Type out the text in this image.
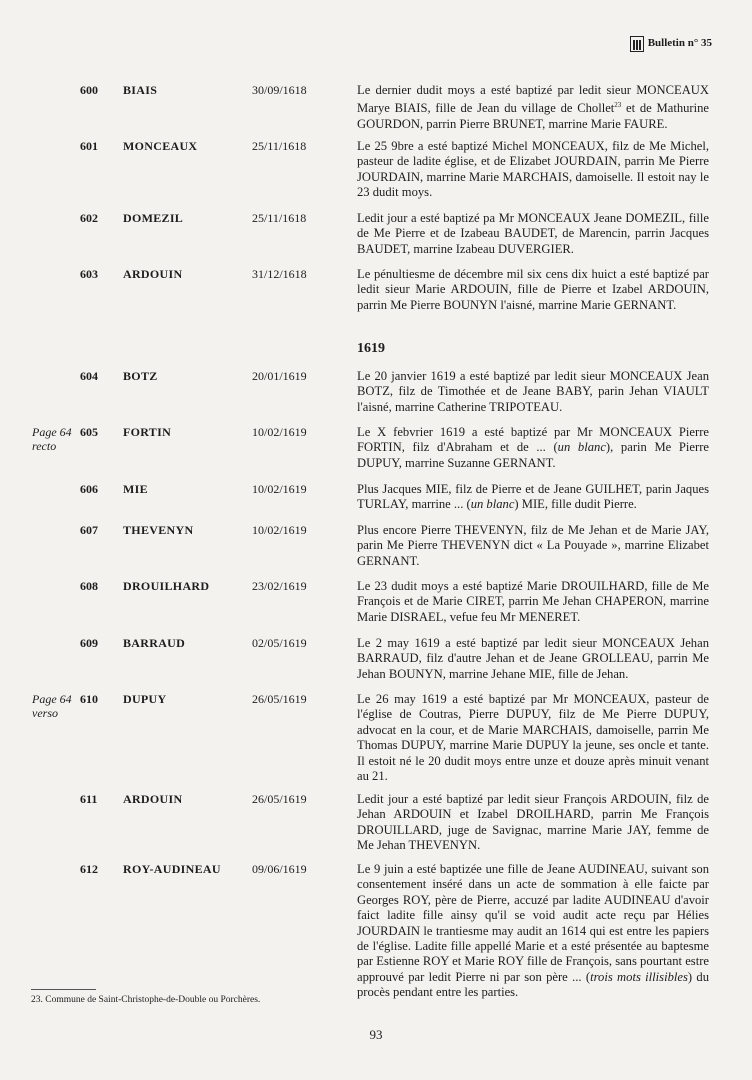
Bulletin n° 35
600 BIAIS	30/09/1618	Le dernier dudit moys a esté baptizé par ledit sieur MONCEAUX Marye BIAIS, fille de Jean du village de Chollet$^{23}$ et de Mathurine GOURDON, parrin Pierre BRUNET, marrine Marie FAURE.
601 MONCEAUX	25/11/1618	Le 25 9bre a esté baptizé Michel MONCEAUX, filz de Me Michel, pasteur de ladite église, et de Elizabet JOURDAIN, parrin Me Pierre JOURDAIN, marrine Marie MARCHAIS, damoiselle. Il estoit nay le 23 dudit moys.
602 DOMEZIL	25/11/1618	Ledit jour a esté baptizé pa Mr MONCEAUX Jeane DOMEZIL, fille de Me Pierre et de Izabeau BAUDET, de Marencin, parrin Jacques BAUDET, marrine Izabeau DUVERGIER.
603 ARDOUIN	31/12/1618	Le pénultiesme de décembre mil six cens dix huict a esté baptizé par ledit sieur Marie ARDOUIN, fille de Pierre et Izabel ARDOUIN, parrin Me Pierre BOUNYN l'aisné, marrine Marie GERNANT.
604 BOTZ	20/01/1619	Le 20 janvier 1619 a esté baptizé par ledit sieur MONCEAUX Jean BOTZ, filz de Timothée et de Jeane BABY, parin Jehan VIAULT l'aisné, marrine Catherine TRIPOTEAU.
Page 64
recto
605 FORTIN	10/02/1619	Le X febvrier 1619 a esté baptizé par Mr MONCEAUX Pierre FORTIN, filz d'Abraham et de ... (un blanc), parin Me Pierre DUPUY, marrine Suzanne GERNANT.
606 MIE	10/02/1619	Plus Jacques MIE, filz de Pierre et de Jeane GUILHET, parin Jaques TURLAY, marrine ... (un blanc) MIE, fille dudit Pierre.
607 THEVENYN	10/02/1619	Plus encore Pierre THEVENYN, filz de Me Jehan et de Marie JAY, parin Me Pierre THEVENYN dict « La Pouyade », marrine Elizabet GERNANT.
608 DROUILHARD	23/02/1619	Le 23 dudit moys a esté baptizé Marie DROUILHARD, fille de Me François et de Marie CIRET, parrin Me Jehan CHAPERON, marrine Marie DISRAEL, vefue feu Mr MENERET.
609 BARRAUD	02/05/1619	Le 2 may 1619 a esté baptizé par ledit sieur MONCEAUX Jehan BARRAUD, filz d'autre Jehan et de Jeane GROLLEAU, parrin Me Jehan BOUNYN, marrine Jehane MIE, fille de Jehan.
Page 64
verso
610 DUPUY	26/05/1619	Le 26 may 1619 a esté baptizé par Mr MONCEAUX, pasteur de l'église de Coutras, Pierre DUPUY, filz de Me Pierre DUPUY, advocat en la cour, et de Marie MARCHAIS, damoiselle, parrin Me Thomas DUPUY, marrine Marie DUPUY la jeune, ses oncle et tante. Il estoit né le 20 dudit moys entre unze et douze après minuit venant au 21.
611 ARDOUIN	26/05/1619	Ledit jour a esté baptizé par ledit sieur François ARDOUIN, filz de Jehan ARDOUIN et Izabel DROILHARD, parrin Me François DROUILLARD, juge de Savignac, marrine Marie JAY, femme de Me Jehan THEVENYN.
612 ROY-AUDINEAU	09/06/1619	Le 9 juin a esté baptizée une fille de Jeane AUDINEAU, suivant son consentement inséré dans un acte de sommation à elle faicte par Georges ROY, père de Pierre, accuzé par ladite AUDINEAU d'avoir faict ladite fille ainsy qu'il se void audit acte reçu par Hélies JOURDAIN le trantiesme may audit an 1614 qui est entre les papiers de l'église. Ladite fille appellé Marie et a esté présentée au baptesme par Estienne ROY et Marie ROY fille de François, sans pourtant estre approuvé par ledit Pierre ni par son père ... (trois mots illisibles) du procès pendant entre les parties.
1619
23. Commune de Saint-Christophe-de-Double ou Porchères.
93
